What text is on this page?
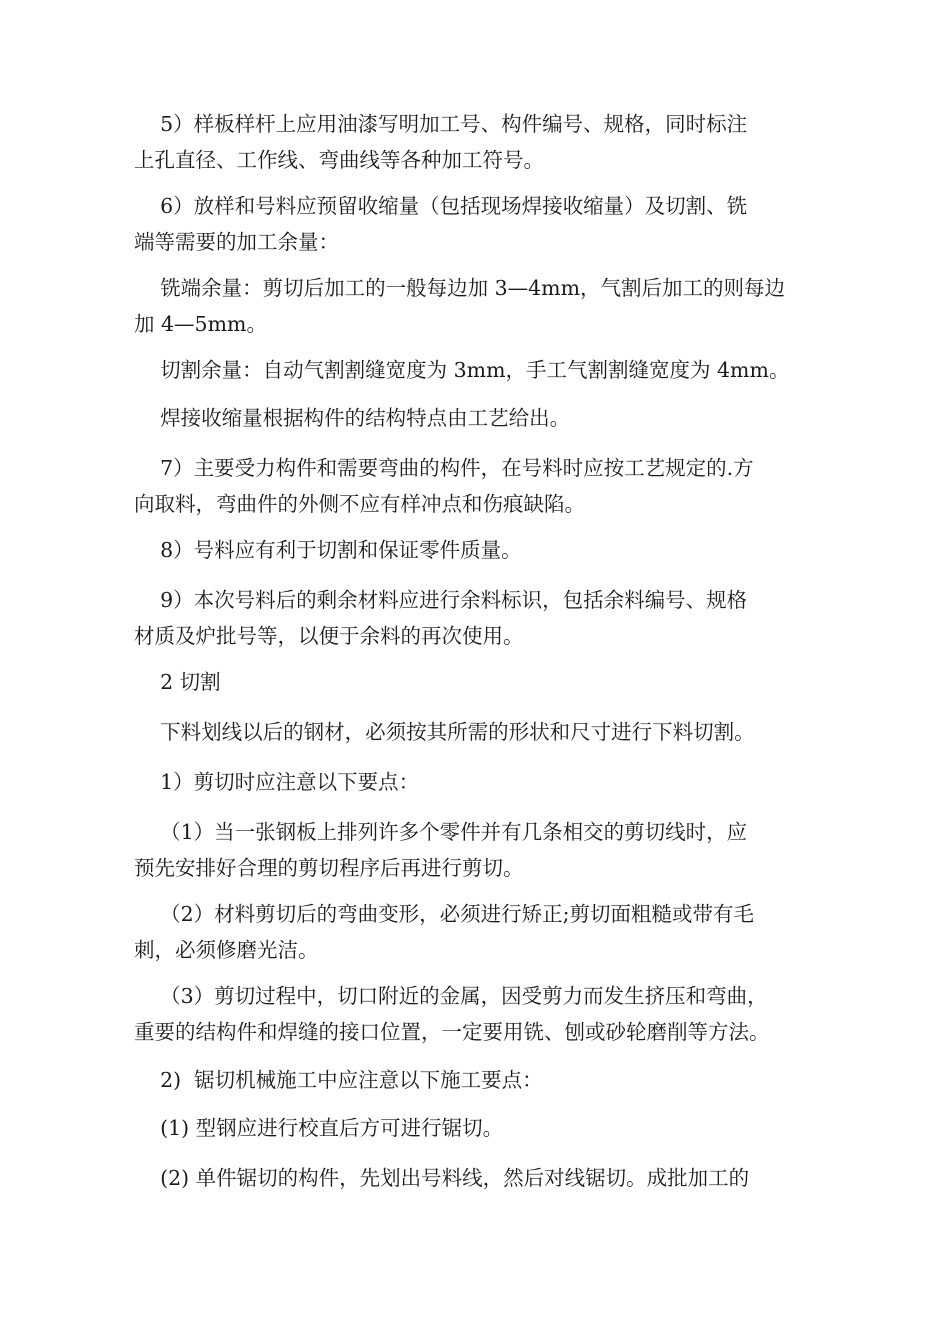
5）样板样杆上应用油漆写明加工号、构件编号、规格，同时标注
上孔直径、工作线、弯曲线等各种加工符号。
6）放样和号料应预留收缩量（包括现场焊接收缩量）及切割、铣
端等需要的加工余量：
铣端余量：剪切后加工的一般每边加 3—4mm，气割后加工的则每边
加 4—5mm。
切割余量：自动气割割缝宽度为 3mm，手工气割割缝宽度为 4mm。
焊接收缩量根据构件的结构特点由工艺给出。
7）主要受力构件和需要弯曲的构件，在号料时应按工艺规定的.方
向取料，弯曲件的外侧不应有样冲点和伤痕缺陷。
8）号料应有利于切割和保证零件质量。
9）本次号料后的剩余材料应进行余料标识，包括余料编号、规格
材质及炉批号等，以便于余料的再次使用。
2 切割
下料划线以后的钢材，必须按其所需的形状和尺寸进行下料切割。
1）剪切时应注意以下要点：
（1）当一张钢板上排列许多个零件并有几条相交的剪切线时，应
预先安排好合理的剪切程序后再进行剪切。
（2）材料剪切后的弯曲变形，必须进行矫正;剪切面粗糙或带有毛
刺，必须修磨光洁。
（3）剪切过程中，切口附近的金属，因受剪力而发生挤压和弯曲，
重要的结构件和焊缝的接口位置，一定要用铣、刨或砂轮磨削等方法。
2)  锯切机械施工中应注意以下施工要点：
(1) 型钢应进行校直后方可进行锯切。
(2) 单件锯切的构件，先划出号料线，然后对线锯切。成批加工的
